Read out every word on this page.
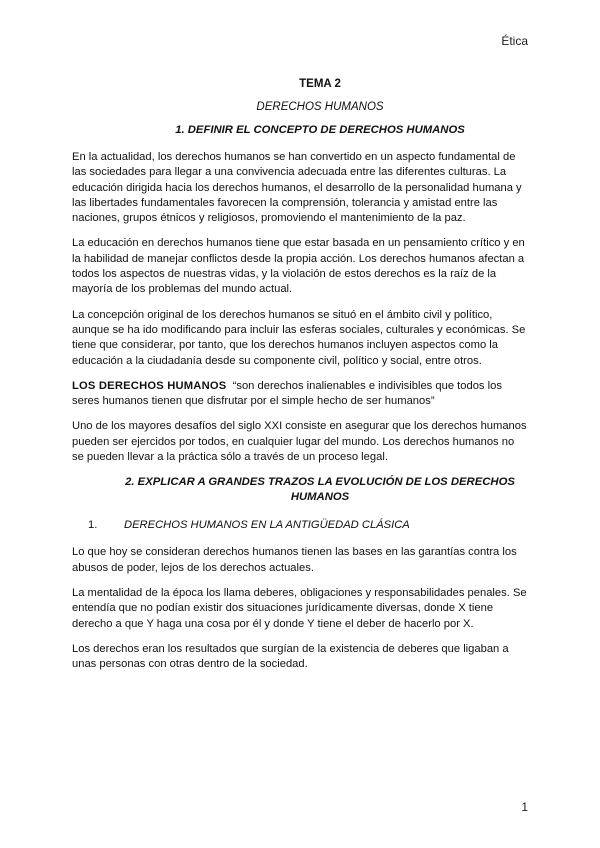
Ética
TEMA 2
DERECHOS HUMANOS
1. DEFINIR EL CONCEPTO DE DERECHOS HUMANOS

En la actualidad, los derechos humanos se han convertido en un aspecto fundamental de las sociedades para llegar a una convivencia adecuada entre las diferentes culturas. La educación dirigida hacia los derechos humanos, el desarrollo de la personalidad humana y las libertades fundamentales favorecen la comprensión, tolerancia y amistad entre las naciones, grupos étnicos y religiosos, promoviendo el mantenimiento de la paz.

La educación en derechos humanos tiene que estar basada en un pensamiento crítico y en la habilidad de manejar conflictos desde la propia acción. Los derechos humanos afectan a todos los aspectos de nuestras vidas, y la violación de estos derechos es la raíz de la mayoría de los problemas del mundo actual.

La concepción original de los derechos humanos se situó en el ámbito civil y político, aunque se ha ido modificando para incluir las esferas sociales, culturales y económicas. Se tiene que considerar, por tanto, que los derechos humanos incluyen aspectos como la educación a la ciudadanía desde su componente civil, político y social, entre otros.

LOS DERECHOS HUMANOS “son derechos inalienables e indivisibles que todos los seres humanos tienen que disfrutar por el simple hecho de ser humanos”

Uno de los mayores desafíos del siglo XXI consiste en asegurar que los derechos humanos pueden ser ejercidos por todos, en cualquier lugar del mundo. Los derechos humanos no se pueden llevar a la práctica sólo a través de un proceso legal.

2. EXPLICAR A GRANDES TRAZOS LA EVOLUCIÓN DE LOS DERECHOS HUMANOS
1.	DERECHOS HUMANOS EN LA ANTIGÜEDAD CLÁSICA

Lo que hoy se consideran derechos humanos tienen las bases en las garantías contra los abusos de poder, lejos de los derechos actuales.

La mentalidad de la época los llama deberes, obligaciones y responsabilidades penales. Se entendía que no podían existir dos situaciones jurídicamente diversas, donde X tiene derecho a que Y haga una cosa por él y donde Y tiene el deber de hacerlo por X.

Los derechos eran los resultados que surgían de la existencia de deberes que ligaban a unas personas con otras dentro de la sociedad.

1
